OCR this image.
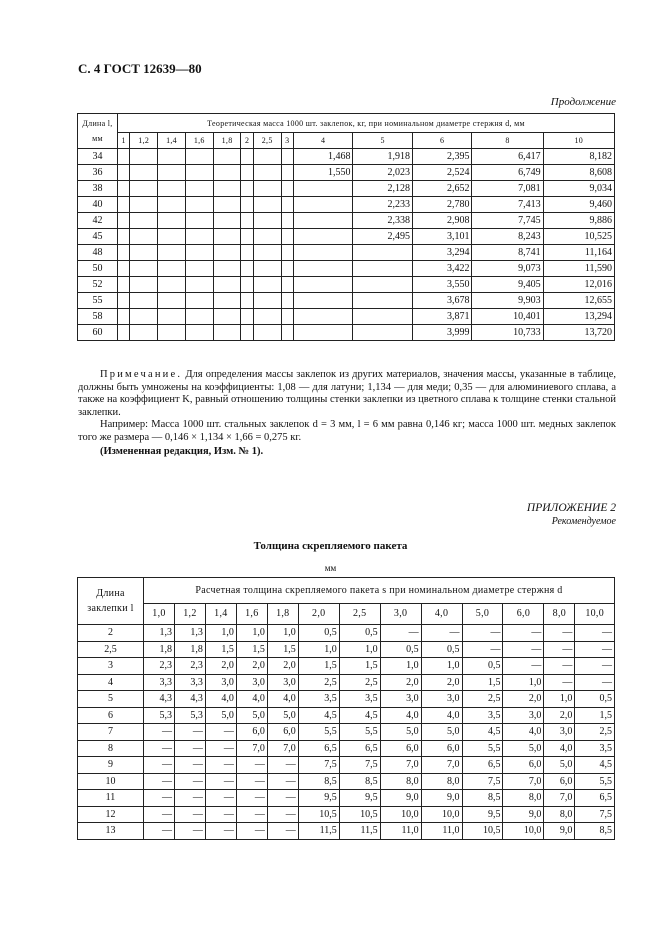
С. 4 ГОСТ 12639—80
Продолжение
Длина l, мм	Теоретическая масса 1000 шт. заклепок, кг, при номинальном диаметре стержня d, мм												
	1	1,2	1,4	1,6	1,8	2	2,5	3	4	5	6	8	10
34									1,468	1,918	2,395	6,417	8,182
36									1,550	2,023	2,524	6,749	8,608
38										2,128	2,652	7,081	9,034
40										2,233	2,780	7,413	9,460
42										2,338	2,908	7,745	9,886
45										2,495	3,101	8,243	10,525
48											3,294	8,741	11,164
50											3,422	9,073	11,590
52											3,550	9,405	12,016
55											3,678	9,903	12,655
58											3,871	10,401	13,294
60											3,999	10,733	13,720

Примечание. Для определения массы заклепок из других материалов, значения массы, указанные в таблице, должны быть умножены на коэффициенты: 1,08 — для латуни; 1,134 — для меди; 0,35 — для алюминиевого сплава, а также на коэффициент K, равный отношению толщины стенки заклепки из цветного сплава к толщине стенки стальной заклепки.

Например: Масса 1000 шт. стальных заклепок d = 3 мм, l = 6 мм равна 0,146 кг; масса 1000 шт. медных заклепок того же размера — 0,146 × 1,134 × 1,66 = 0,275 кг.

(Измененная редакция, Изм. № 1).
ПРИЛОЖЕНИЕ 2
Рекомендуемое
Толщина скрепляемого пакета
мм
Длина заклепки l	Расчетная толщина скрепляемого пакета s при номинальном диаметре стержня d												
	1,0	1,2	1,4	1,6	1,8	2,0	2,5	3,0	4,0	5,0	6,0	8,0	10,0
2	1,3	1,3	1,0	1,0	1,0	0,5	0,5	—	—	—	—	—	—
2,5	1,8	1,8	1,5	1,5	1,5	1,0	1,0	0,5	0,5	—	—	—	—
3	2,3	2,3	2,0	2,0	2,0	1,5	1,5	1,0	1,0	0,5	—	—	—
4	3,3	3,3	3,0	3,0	3,0	2,5	2,5	2,0	2,0	1,5	1,0	—	—
5	4,3	4,3	4,0	4,0	4,0	3,5	3,5	3,0	3,0	2,5	2,0	1,0	0,5
6	5,3	5,3	5,0	5,0	5,0	4,5	4,5	4,0	4,0	3,5	3,0	2,0	1,5
7	—	—	—	6,0	6,0	5,5	5,5	5,0	5,0	4,5	4,0	3,0	2,5
8	—	—	—	7,0	7,0	6,5	6,5	6,0	6,0	5,5	5,0	4,0	3,5
9	—	—	—	—	—	7,5	7,5	7,0	7,0	6,5	6,0	5,0	4,5
10	—	—	—	—	—	8,5	8,5	8,0	8,0	7,5	7,0	6,0	5,5
11	—	—	—	—	—	9,5	9,5	9,0	9,0	8,5	8,0	7,0	6,5
12	—	—	—	—	—	10,5	10,5	10,0	10,0	9,5	9,0	8,0	7,5
13	—	—	—	—	—	11,5	11,5	11,0	11,0	10,5	10,0	9,0	8,5
